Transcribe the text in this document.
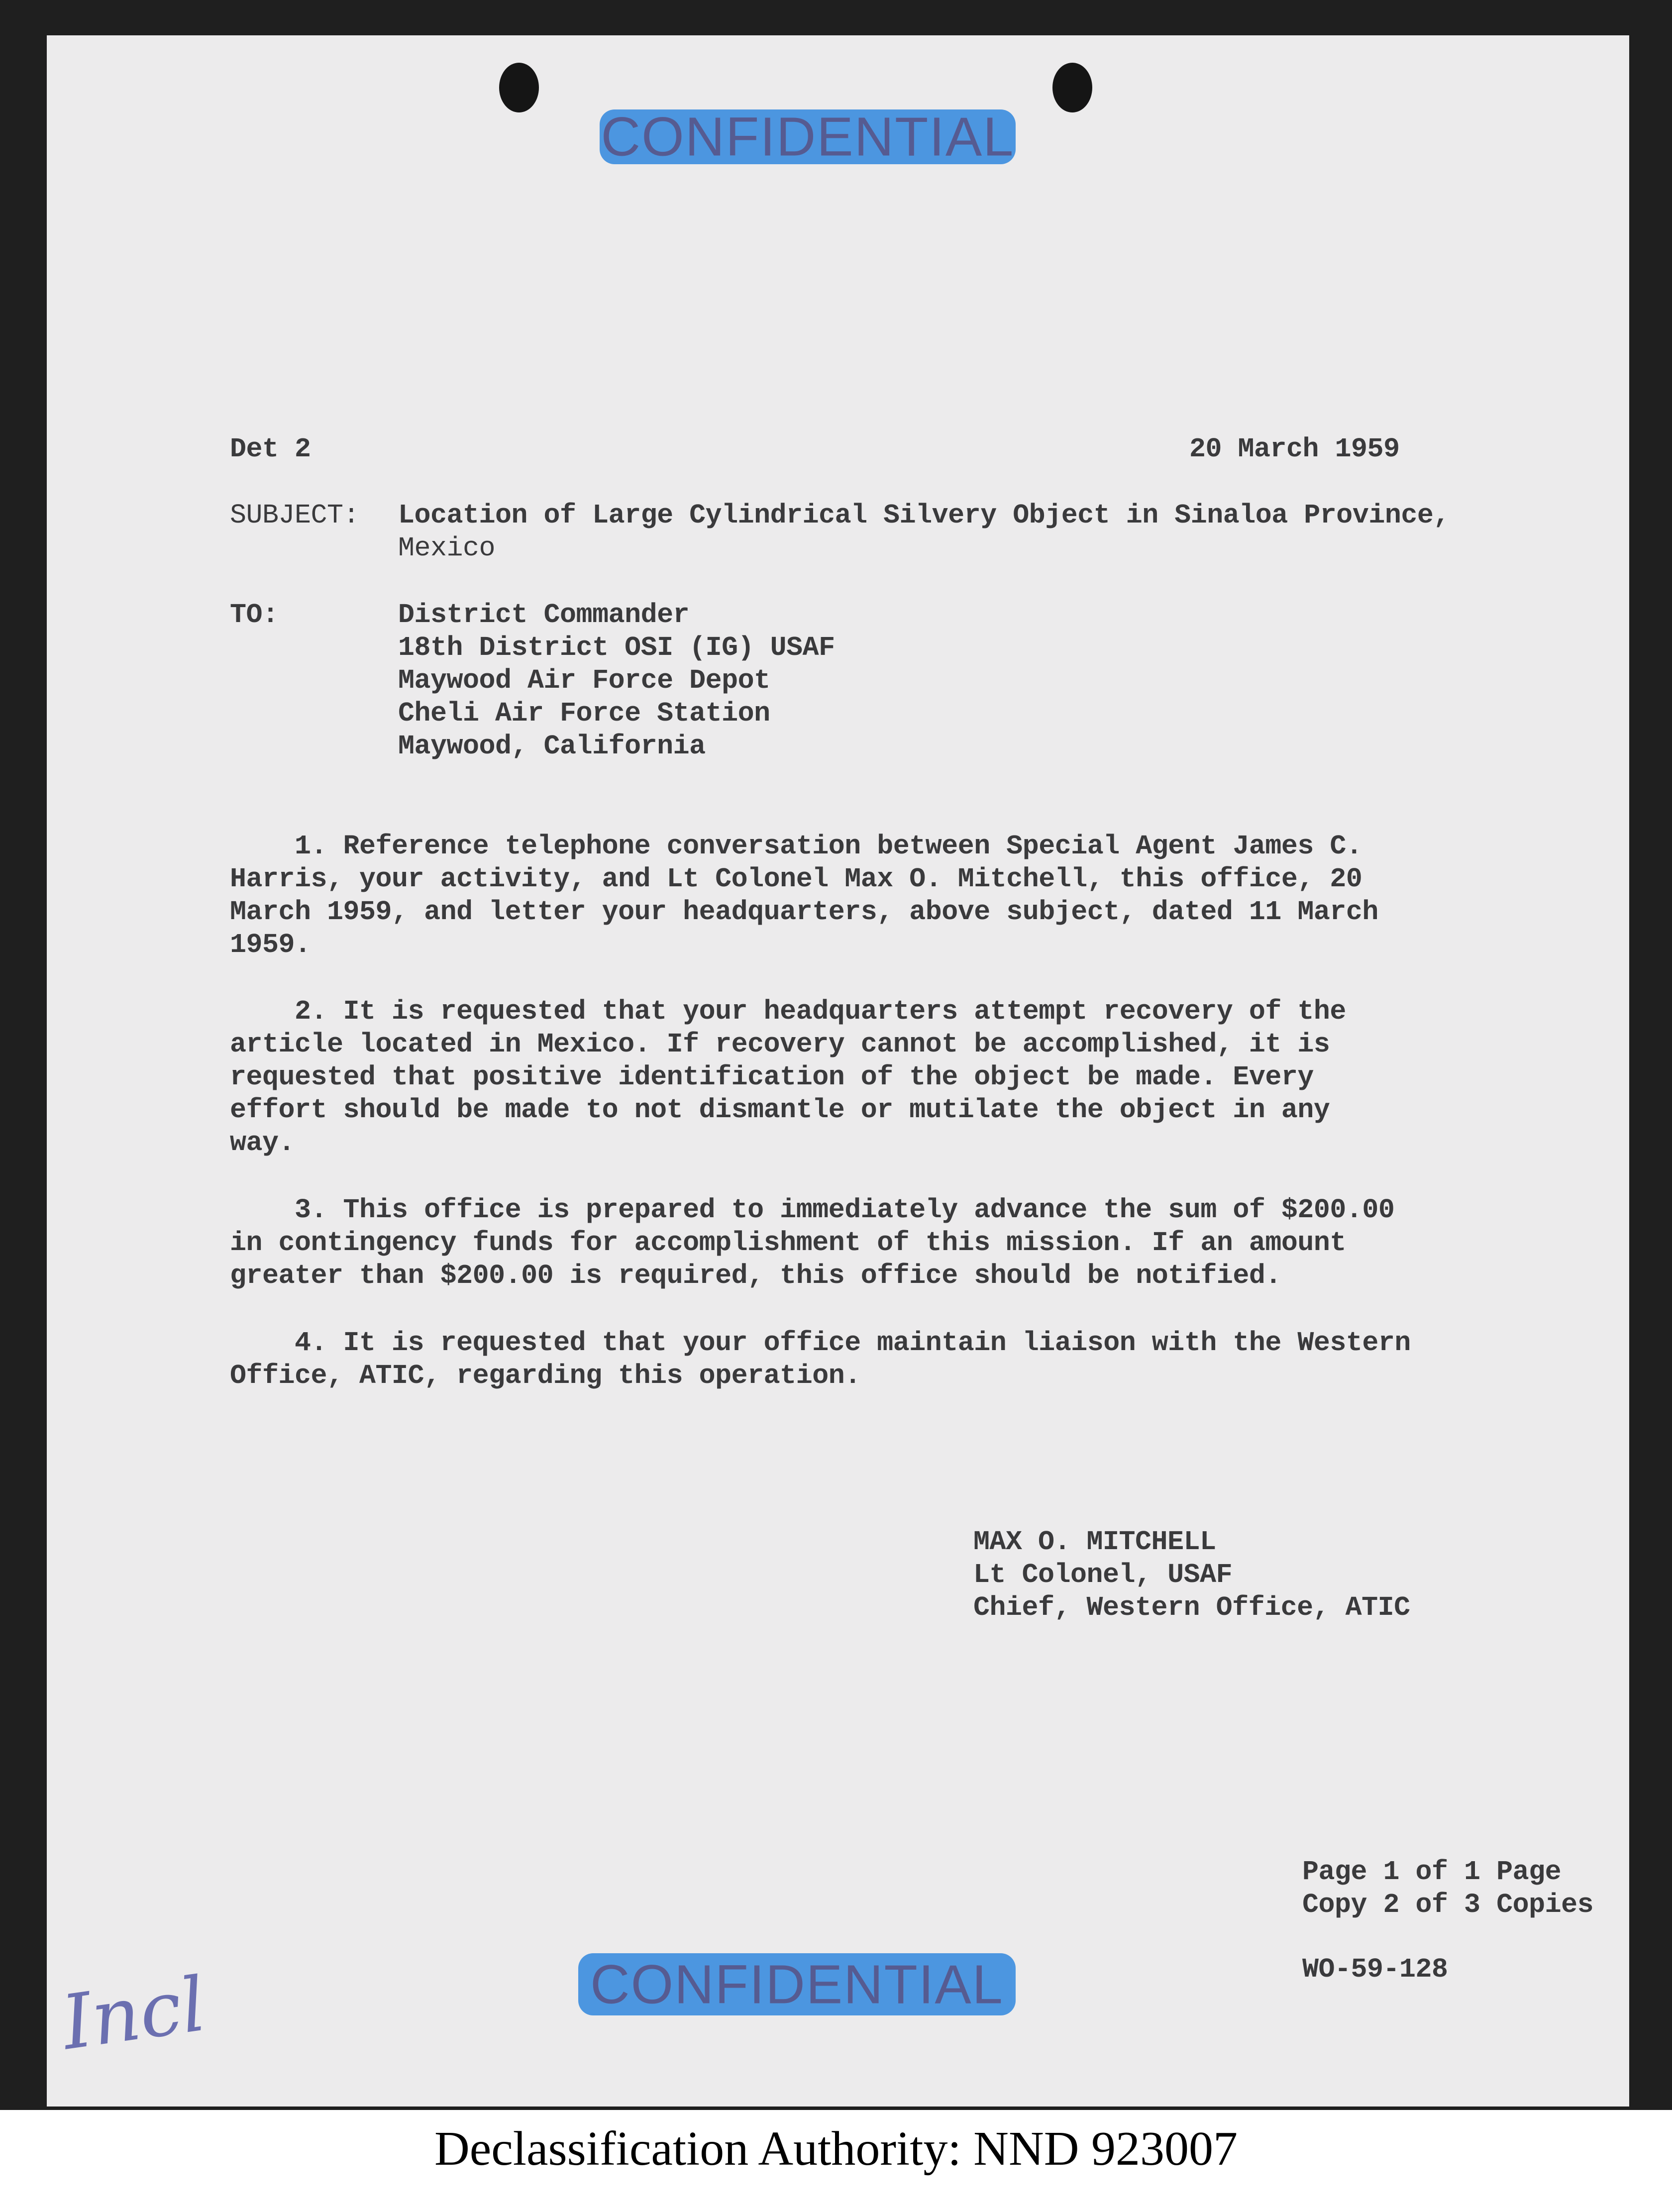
CONFIDENTIAL
Det 2	20 March 1959
SUBJECT: Location of Large Cylindrical Silvery Object in Sinaloa Province,
Mexico
TO:	District Commander
18th District OSI (IG) USAF
Maywood Air Force Depot
Cheli Air Force Station
Maywood, California
1. Reference telephone conversation between Special Agent James C.
Harris, your activity, and Lt Colonel Max O. Mitchell, this office, 20
March 1959, and letter your headquarters, above subject, dated 11 March
1959.
2. It is requested that your headquarters attempt recovery of the
article located in Mexico. If recovery cannot be accomplished, it is
requested that positive identification of the object be made. Every
effort should be made to not dismantle or mutilate the object in any
way.
3. This office is prepared to immediately advance the sum of $200.00
in contingency funds for accomplishment of this mission. If an amount
greater than $200.00 is required, this office should be notified.
4. It is requested that your office maintain liaison with the Western
Office, ATIC, regarding this operation.
MAX O. MITCHELL
Lt Colonel, USAF
Chief, Western Office, ATIC
Page 1 of 1 Page
Copy 2 of 3 Copies
WO-59-128
CONFIDENTIAL
Incl
Declassification Authority: NND 923007
